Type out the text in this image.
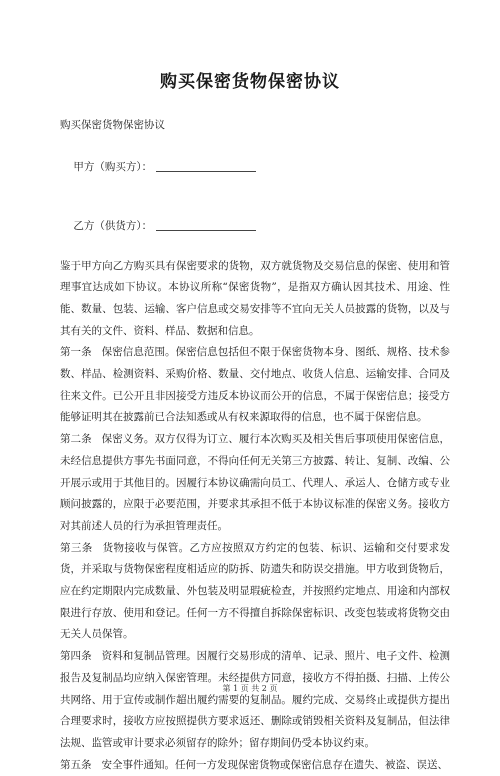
购买保密货物保密协议

购买保密货物保密协议

甲方（购买方）：

乙方（供货方）：

鉴于甲方向乙方购买具有保密要求的货物，双方就货物及交易信息的保密、使用和管理事宜达成如下协议。本协议所称“保密货物”，是指双方确认因其技术、用途、性能、数量、包装、运输、客户信息或交易安排等不宜向无关人员披露的货物，以及与其有关的文件、资料、样品、数据和信息。

第一条 保密信息范围。保密信息包括但不限于保密货物本身、图纸、规格、技术参数、样品、检测资料、采购价格、数量、交付地点、收货人信息、运输安排、合同及往来文件。已公开且非因接受方违反本协议而公开的信息，不属于保密信息；接受方能够证明其在披露前已合法知悉或从有权来源取得的信息，也不属于保密信息。

第二条 保密义务。双方仅得为订立、履行本次购买及相关售后事项使用保密信息，未经信息提供方事先书面同意，不得向任何无关第三方披露、转让、复制、改编、公开展示或用于其他目的。因履行本协议确需向员工、代理人、承运人、仓储方或专业顾问披露的，应限于必要范围，并要求其承担不低于本协议标准的保密义务。接收方对其前述人员的行为承担管理责任。

第三条 货物接收与保管。乙方应按照双方约定的包装、标识、运输和交付要求发货，并采取与货物保密程度相适应的防拆、防遗失和防误交措施。甲方收到货物后，应在约定期限内完成数量、外包装及明显瑕疵检查，并按照约定地点、用途和内部权限进行存放、使用和登记。任何一方不得擅自拆除保密标识、改变包装或将货物交由无关人员保管。

第四条 资料和复制品管理。因履行交易形成的清单、记录、照片、电子文件、检测报告及复制品均应纳入保密管理。未经提供方同意，接收方不得拍摄、扫描、上传公共网络、用于宣传或制作超出履约需要的复制品。履约完成、交易终止或提供方提出合理要求时，接收方应按照提供方要求返还、删除或销毁相关资料及复制品，但法律法规、监管或审计要求必须留存的除外；留存期间仍受本协议约束。

第五条 安全事件通知。任何一方发现保密货物或保密信息存在遗失、被盗、误送、

第 1 页 共 2 页
